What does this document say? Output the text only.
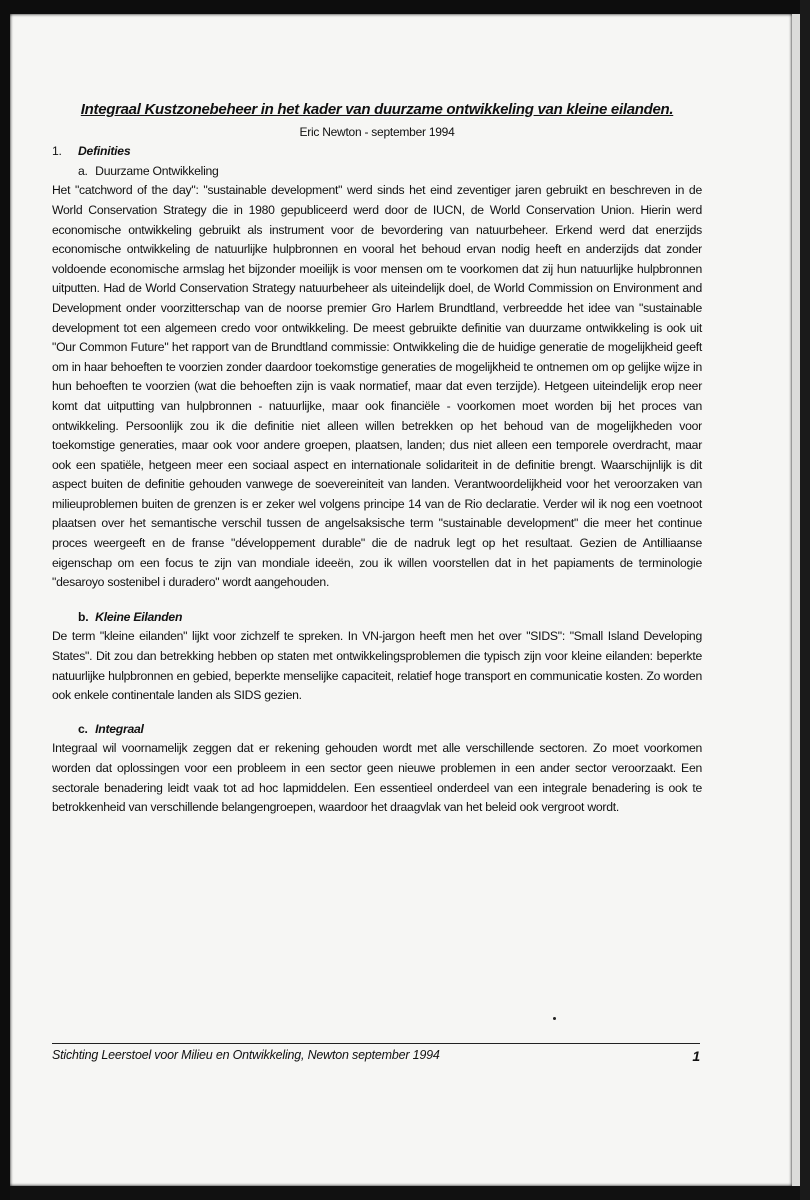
Integraal Kustzonebeheer in het kader van duurzame ontwikkeling van kleine eilanden.

Eric Newton - september 1994

1.	Definities

a. Duurzame Ontwikkeling

Het "catchword of the day": "sustainable development" werd sinds het eind zeventiger jaren gebruikt en beschreven in de World Conservation Strategy die in 1980 gepubliceerd werd door de IUCN, de World Conservation Union. Hierin werd economische ontwikkeling gebruikt als instrument voor de bevordering van natuurbeheer. Erkend werd dat enerzijds economische ontwikkeling de natuurlijke hulpbronnen en vooral het behoud ervan nodig heeft en anderzijds dat zonder voldoende economische armslag het bijzonder moeilijk is voor mensen om te voorkomen dat zij hun natuurlijke hulpbronnen uitputten. Had de World Conservation Strategy natuurbeheer als uiteindelijk doel, de World Commission on Environment and Development onder voorzitterschap van de noorse premier Gro Harlem Brundtland, verbreedde het idee van "sustainable development tot een algemeen credo voor ontwikkeling. De meest gebruikte definitie van duurzame ontwikkeling is ook uit "Our Common Future" het rapport van de Brundtland commissie: Ontwikkeling die de huidige generatie de mogelijkheid geeft om in haar behoeften te voorzien zonder daardoor toekomstige generaties de mogelijkheid te ontnemen om op gelijke wijze in hun behoeften te voorzien (wat die behoeften zijn is vaak normatief, maar dat even terzijde). Hetgeen uiteindelijk erop neer komt dat uitputting van hulpbronnen - natuurlijke, maar ook financiële - voorkomen moet worden bij het proces van ontwikkeling. Persoonlijk zou ik die definitie niet alleen willen betrekken op het behoud van de mogelijkheden voor toekomstige generaties, maar ook voor andere groepen, plaatsen, landen; dus niet alleen een temporele overdracht, maar ook een spatiële, hetgeen meer een sociaal aspect en internationale solidariteit in de definitie brengt. Waarschijnlijk is dit aspect buiten de definitie gehouden vanwege de soevereiniteit van landen. Verantwoordelijkheid voor het veroorzaken van milieuproblemen buiten de grenzen is er zeker wel volgens principe 14 van de Rio declaratie. Verder wil ik nog een voetnoot plaatsen over het semantische verschil tussen de angelsaksische term "sustainable development" die meer het continue proces weergeeft en de franse "développement durable" die de nadruk legt op het resultaat. Gezien de Antilliaanse eigenschap om een focus te zijn van mondiale ideeën, zou ik willen voorstellen dat in het papiaments de terminologie "desaroyo sostenibel i duradero" wordt aangehouden.

b. Kleine Eilanden

De term "kleine eilanden" lijkt voor zichzelf te spreken. In VN-jargon heeft men het over "SIDS": "Small Island Developing States". Dit zou dan betrekking hebben op staten met ontwikkelingsproblemen die typisch zijn voor kleine eilanden: beperkte natuurlijke hulpbronnen en gebied, beperkte menselijke capaciteit, relatief hoge transport en communicatie kosten. Zo worden ook enkele continentale landen als SIDS gezien.

c. Integraal

Integraal wil voornamelijk zeggen dat er rekening gehouden wordt met alle verschillende sectoren. Zo moet voorkomen worden dat oplossingen voor een probleem in een sector geen nieuwe problemen in een ander sector veroorzaakt. Een sectorale benadering leidt vaak tot ad hoc lapmiddelen. Een essentieel onderdeel van een integrale benadering is ook te betrokkenheid van verschillende belangengroepen, waardoor het draagvlak van het beleid ook vergroot wordt.

Stichting Leerstoel voor Milieu en Ontwikkeling, Newton september 1994	1
